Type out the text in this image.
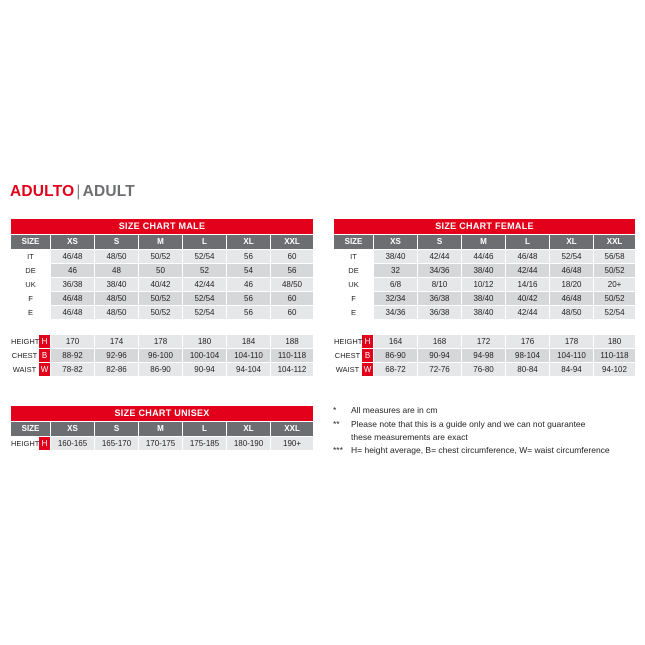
ADULTO | ADULT
SIZE CHART MALE						
SIZE	XS	S	M	L	XL	XXL
IT	46/48	48/50	50/52	52/54	56	60
DE	46	48	50	52	54	56
UK	36/38	38/40	40/42	42/44	46	48/50
F	46/48	48/50	50/52	52/54	56	60
E	46/48	48/50	50/52	52/54	56	60

HEIGHT	H	170	174	178	180	184	188
CHEST	B	88-92	92-96	96-100	100-104	104-110	110-118
WAIST	W	78-82	82-86	86-90	90-94	94-104	104-112
SIZE CHART FEMALE						
SIZE	XS	S	M	L	XL	XXL
IT	38/40	42/44	44/46	46/48	52/54	56/58
DE	32	34/36	38/40	42/44	46/48	50/52
UK	6/8	8/10	10/12	14/16	18/20	20+
F	32/34	36/38	38/40	40/42	46/48	50/52
E	34/36	36/38	38/40	42/44	48/50	52/54

HEIGHT	H	164	168	172	176	178	180
CHEST	B	86-90	90-94	94-98	98-104	104-110	110-118
WAIST	W	68-72	72-76	76-80	80-84	84-94	94-102
SIZE CHART UNISEX							
SIZE		XS	S	M	L	XL	XXL
HEIGHT	H	160-165	165-170	170-175	175-185	180-190	190+
*	All measures are in cm
**	Please note that this is a guide only and we can not guarantee
these measurements are exact
*** H= height average, B= chest circumference, W= waist circumference
